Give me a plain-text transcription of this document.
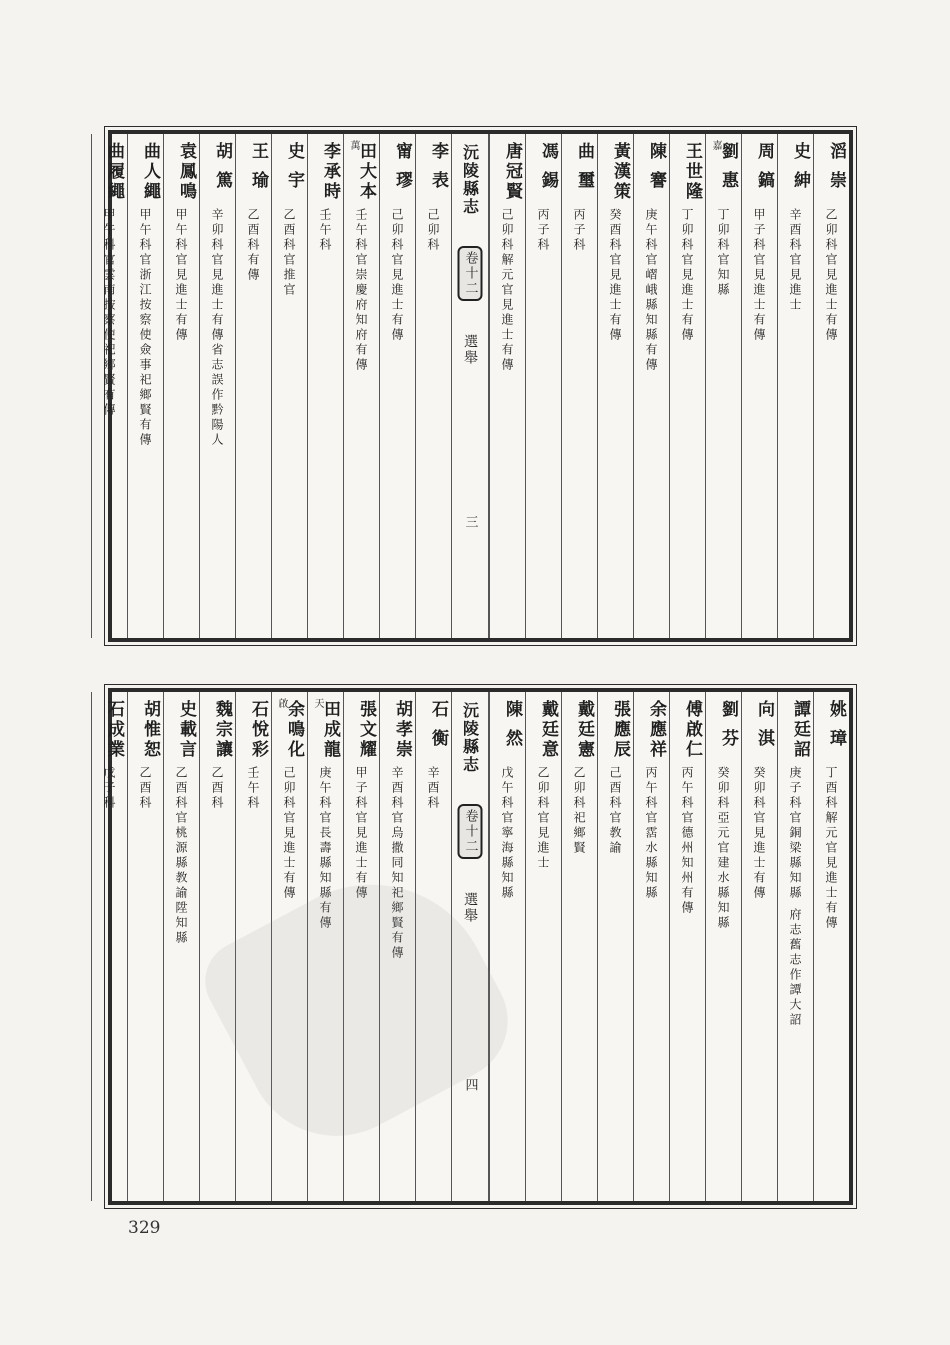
滔 崇
乙卯科官見進士有傳
史 紳
辛酉科官見進士
周 鎬
甲子科官見進士有傳
嘉
劉 惠
丁卯科官知縣
王世隆
丁卯科官見進士有傳
陳 謇
庚午科官嶍峨縣知縣有傳
黃漢策
癸酉科官見進士有傳
曲 璽
丙子科
馮 錫
丙子科
唐冠賢
己卯科解元官見進士有傳
沅陵縣志
卷十二
選舉
三
李 表
己卯科
甯 璆
己卯科官見進士有傳
萬
田大本
壬午科官崇慶府知府有傳
李承時
壬午科
史 宇
乙酉科官推官
王 瑜
乙酉科有傳
胡 篤
辛卯科官見進士有傳省志誤作黔陽人
袁鳳鳴
甲午科官見進士有傳
曲人繩
甲午科官浙江按察使僉事祀鄉賢有傳
曲履繩
甲午科官雲南按察使祀鄉賢有傳
姚 璋
丁酉科解元官見進士有傳
譚廷詔
庚子科官銅梁縣知縣 府志舊志作譚大詔
向 淇
癸卯科官見進士有傳
劉 芬
癸卯科亞元官建水縣知縣
傅啟仁
丙午科官德州知州有傳
余應祥
丙午科官霑水縣知縣
張應辰
己酉科官教諭
戴廷憲
乙卯科祀鄉賢
戴廷意
乙卯科官見進士
陳 然
戊午科官寧海縣知縣
沅陵縣志
卷十二
選舉
四
石 衡
辛酉科
胡孝崇
辛酉科官烏撒同知祀鄉賢有傳
張文耀
甲子科官見進士有傳
天
田成龍
庚午科官長壽縣知縣有傳
啟
余鳴化
己卯科官見進士有傳
石悅彩
壬午科
魏宗讓
乙酉科
史載言
乙酉科官桃源縣教諭陞知縣
胡惟恕
乙酉科
石成業
戊子科
329
